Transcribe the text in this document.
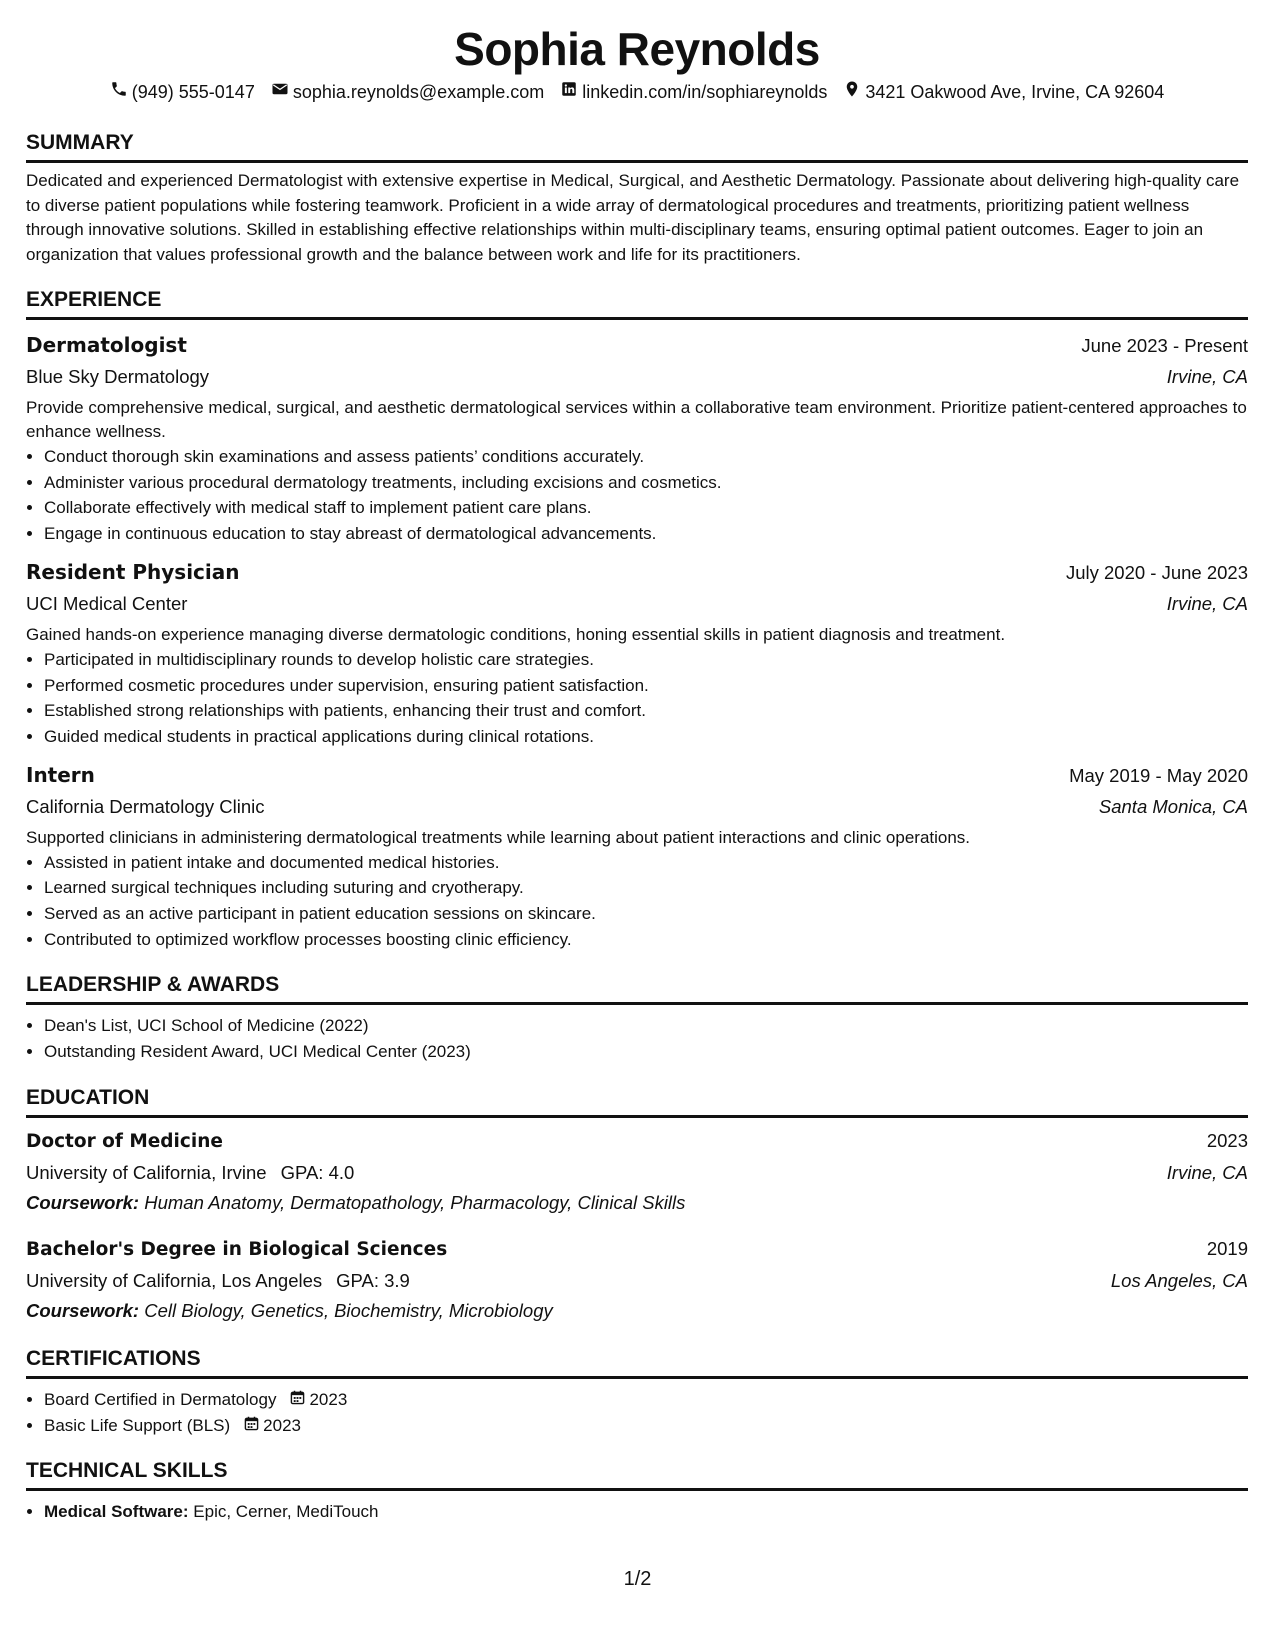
Sophia Reynolds
(949) 555-0147 sophia.reynolds@example.com linkedin.com/in/sophiareynolds 3421 Oakwood Ave, Irvine, CA 92604
SUMMARY
Dedicated and experienced Dermatologist with extensive expertise in Medical, Surgical, and Aesthetic Dermatology. Passionate about delivering high-quality care to diverse patient populations while fostering teamwork. Proficient in a wide array of dermatological procedures and treatments, prioritizing patient wellness through innovative solutions. Skilled in establishing effective relationships within multi-disciplinary teams, ensuring optimal patient outcomes. Eager to join an organization that values professional growth and the balance between work and life for its practitioners.
EXPERIENCE
Dermatologist	June 2023 - Present
Blue Sky Dermatology	Irvine, CA
Provide comprehensive medical, surgical, and aesthetic dermatological services within a collaborative team environment. Prioritize patient-centered approaches to enhance wellness.
• Conduct thorough skin examinations and assess patients’ conditions accurately.
• Administer various procedural dermatology treatments, including excisions and cosmetics.
• Collaborate effectively with medical staff to implement patient care plans.
• Engage in continuous education to stay abreast of dermatological advancements.
Resident Physician	July 2020 - June 2023
UCI Medical Center	Irvine, CA
Gained hands-on experience managing diverse dermatologic conditions, honing essential skills in patient diagnosis and treatment.
• Participated in multidisciplinary rounds to develop holistic care strategies.
• Performed cosmetic procedures under supervision, ensuring patient satisfaction.
• Established strong relationships with patients, enhancing their trust and comfort.
• Guided medical students in practical applications during clinical rotations.
Intern	May 2019 - May 2020
California Dermatology Clinic	Santa Monica, CA
Supported clinicians in administering dermatological treatments while learning about patient interactions and clinic operations.
• Assisted in patient intake and documented medical histories.
• Learned surgical techniques including suturing and cryotherapy.
• Served as an active participant in patient education sessions on skincare.
• Contributed to optimized workflow processes boosting clinic efficiency.
LEADERSHIP & AWARDS
• Dean's List, UCI School of Medicine (2022)
• Outstanding Resident Award, UCI Medical Center (2023)
EDUCATION
Doctor of Medicine	2023
University of California, Irvine GPA: 4.0	Irvine, CA
Coursework: Human Anatomy, Dermatopathology, Pharmacology, Clinical Skills
Bachelor's Degree in Biological Sciences	2019
University of California, Los Angeles GPA: 3.9	Los Angeles, CA
Coursework: Cell Biology, Genetics, Biochemistry, Microbiology
CERTIFICATIONS
• Board Certified in Dermatology 2023
• Basic Life Support (BLS) 2023
TECHNICAL SKILLS
• Medical Software: Epic, Cerner, MediTouch
1/2
